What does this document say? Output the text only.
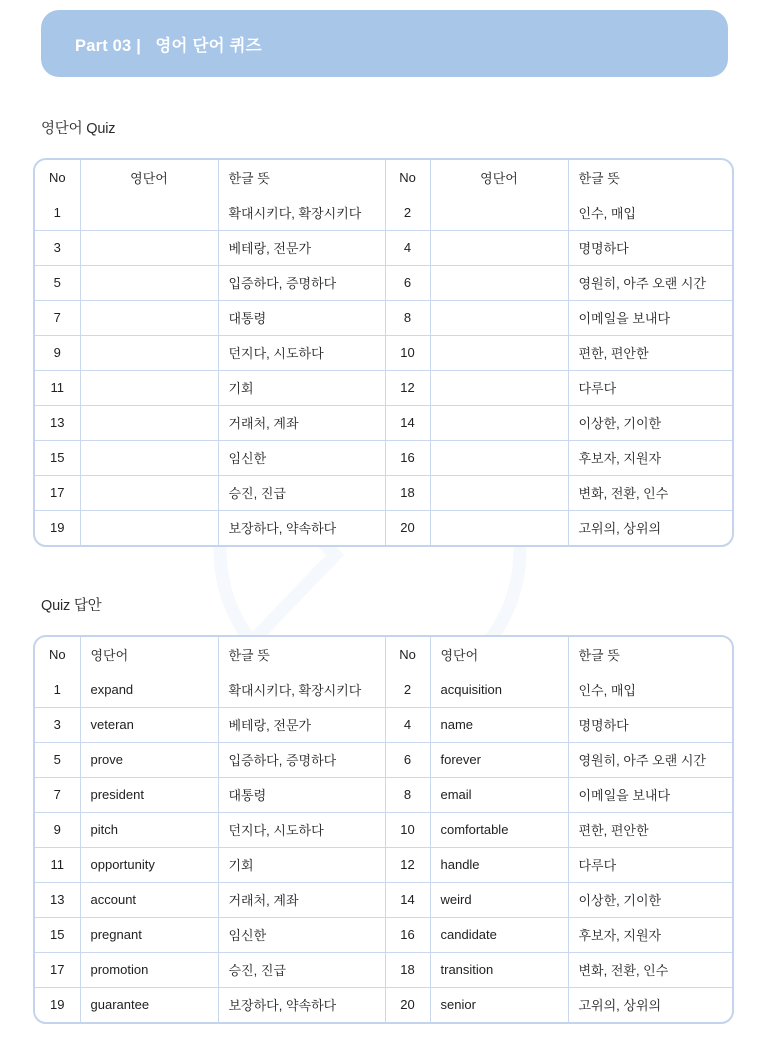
Part 03 |   영어 단어 퀴즈
영단어 Quiz
No	영단어	한글 뜻	No	영단어	한글 뜻
1		확대시키다, 확장시키다	2		인수, 매입
3		베테랑, 전문가	4		명명하다
5		입증하다, 증명하다	6		영원히, 아주 오랜 시간
7		대통령	8		이메일을 보내다
9		던지다, 시도하다	10		편한, 편안한
11		기회	12		다루다
13		거래처, 계좌	14		이상한, 기이한
15		임신한	16		후보자, 지원자
17		승진, 진급	18		변화, 전환, 인수
19		보장하다, 약속하다	20		고위의, 상위의
Quiz 답안
No	영단어	한글 뜻	No	영단어	한글 뜻
1	expand	확대시키다, 확장시키다	2	acquisition	인수, 매입
3	veteran	베테랑, 전문가	4	name	명명하다
5	prove	입증하다, 증명하다	6	forever	영원히, 아주 오랜 시간
7	president	대통령	8	email	이메일을 보내다
9	pitch	던지다, 시도하다	10	comfortable	편한, 편안한
11	opportunity	기회	12	handle	다루다
13	account	거래처, 계좌	14	weird	이상한, 기이한
15	pregnant	임신한	16	candidate	후보자, 지원자
17	promotion	승진, 진급	18	transition	변화, 전환, 인수
19	guarantee	보장하다, 약속하다	20	senior	고위의, 상위의
